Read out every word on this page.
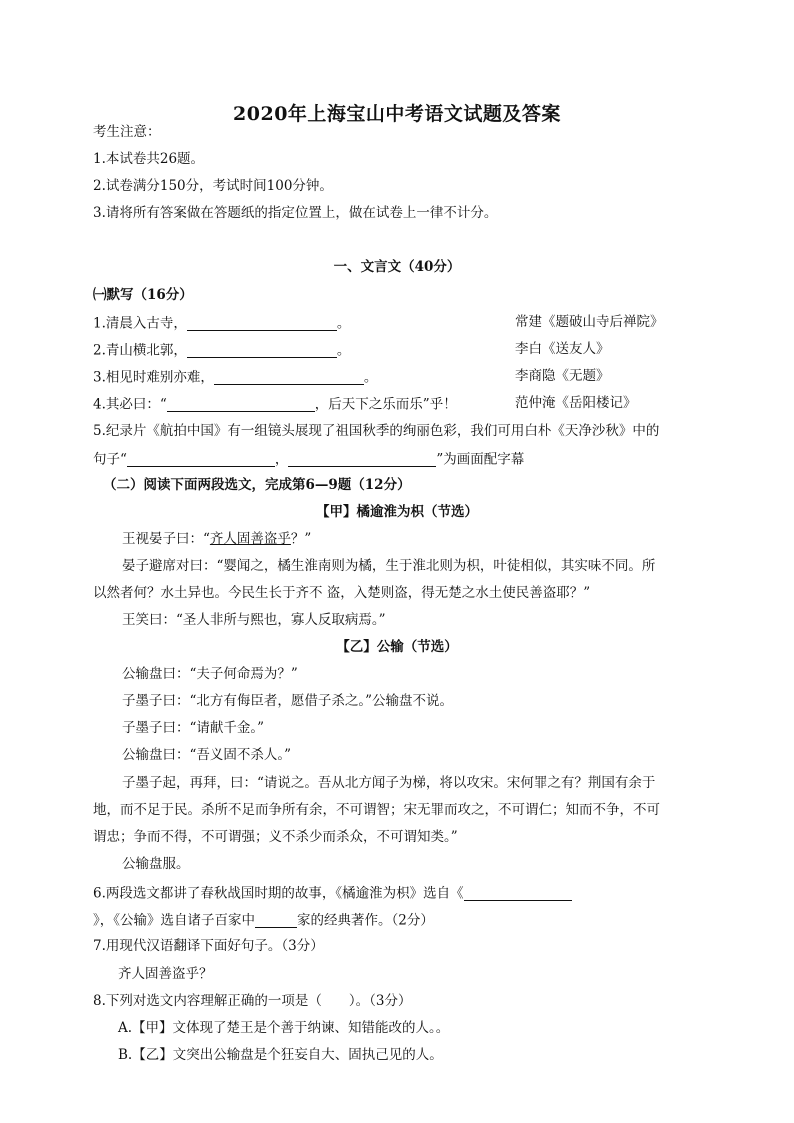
2020年上海宝山中考语文试题及答案
考生注意：
1.本试卷共26题。
2.试卷满分150分，考试时间100分钟。
3.请将所有答案做在答题纸的指定位置上，做在试卷上一律不计分。
一、文言文（40分）
㈠默写（16分）
1.清晨入古寺，	。	常建《题破山寺后禅院》
2.青山横北郭，	。	李白《送友人》
3.相见时难别亦难，	。	李商隐《无题》
4.其必曰：“	，后天下之乐而乐”乎！	范仲淹《岳阳楼记》
5.纪录片《航拍中国》有一组镜头展现了祖国秋季的绚丽色彩，我们可用白朴《天净沙秋》中的
句子“	，	”为画面配字幕
（二）阅读下面两段选文，完成第6—9题（12分）
【甲】橘逾淮为枳（节选）
王视晏子曰：“齐人固善盗乎？”
晏子避席对曰：“婴闻之，橘生淮南则为橘，生于淮北则为枳，叶徒相似，其实味不同。所
以然者何？水土异也。今民生长于齐不 盗，入楚则盗，得无楚之水土使民善盗耶？”
王笑曰：“圣人非所与熙也，寡人反取病焉。”
【乙】公输（节选）
公输盘曰：“夫子何命焉为？”
子墨子曰：“北方有侮臣者，愿借子杀之。”公输盘不说。
子墨子曰：“请献千金。”
公输盘曰：“吾义固不杀人。”
子墨子起，再拜，曰：“请说之。吾从北方闻子为梯，将以攻宋。宋何罪之有？荆国有余于
地，而不足于民。杀所不足而争所有余，不可谓智；宋无罪而攻之，不可谓仁；知而不争，不可
谓忠；争而不得，不可谓强；义不杀少而杀众，不可谓知类。”
公输盘服。
6.两段选文都讲了春秋战国时期的故事，《橘逾淮为枳》选自《
》，《公输》选自诸子百家中	家的经典著作。（2分）
7.用现代汉语翻译下面好句子。（3分）
齐人固善盗乎？
8.下列对选文内容理解正确的一项是（　　）。（3分）
A.【甲】文体现了楚王是个善于纳谏、知错能改的人。。
B.【乙】文突出公输盘是个狂妄自大、固执己见的人。
